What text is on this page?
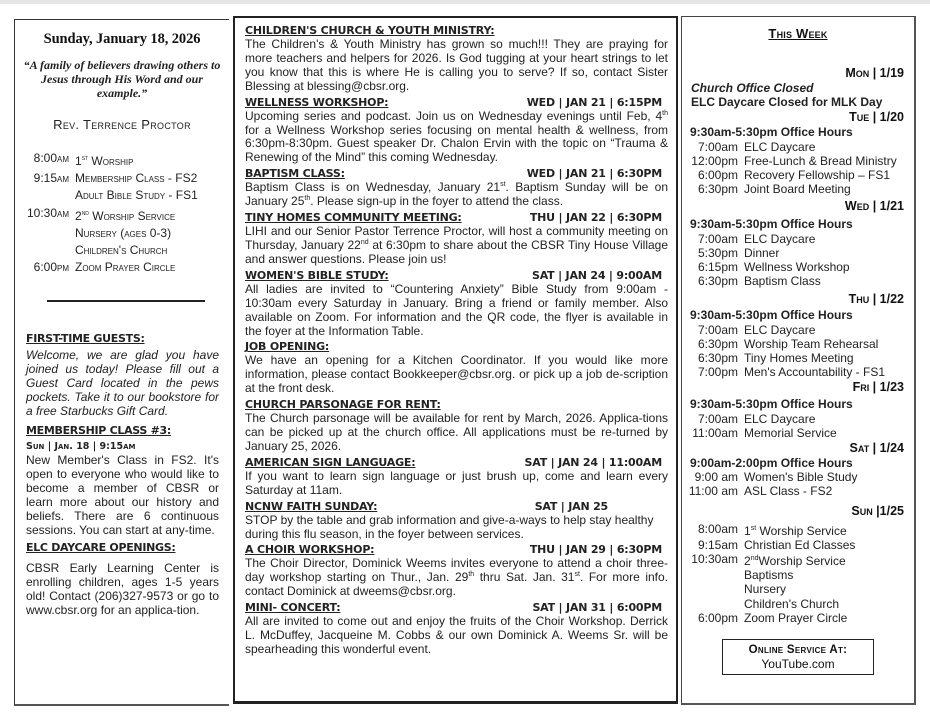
Sunday, January 18, 2026
“A family of believers drawing others to Jesus through His Word and our example.”
Rev. Terrence Proctor
8:00am 1st Worship
9:15am Membership Class - FS2
Adult Bible Study - FS1
10:30am 2nd Worship Service
Nursery (ages 0-3)
Children's Church
6:00pm Zoom Prayer Circle
FIRST-TIME GUESTS:
Welcome, we are glad you have joined us today! Please fill out a Guest Card located in the pews pockets. Take it to our bookstore for a free Starbucks Gift Card.
MEMBERSHIP CLASS #3:
Sun | Jan. 18 | 9:15am
New Member's Class in FS2. It's open to everyone who would like to become a member of CBSR or learn more about our history and beliefs. There are 6 continuous sessions. You can start at any-time.
ELC DAYCARE OPENINGS:
CBSR Early Learning Center is enrolling children, ages 1-5 years old! Contact (206)327-9573 or go to www.cbsr.org for an applica-tion.
CHILDREN'S CHURCH & YOUTH MINISTRY:
The Children's & Youth Ministry has grown so much!!! They are praying for more teachers and helpers for 2026. Is God tugging at your heart strings to let you know that this is where He is calling you to serve? If so, contact Sister Blessing at blessing@cbsr.org.
WELLNESS WORKSHOP:	WED | JAN 21 | 6:15PM
Upcoming series and podcast. Join us on Wednesday evenings until Feb, 4th for a Wellness Workshop series focusing on mental health & wellness, from 6:30pm-8:30pm. Guest speaker Dr. Chalon Ervin with the topic on “Trauma & Renewing of the Mind” this coming Wednesday.
BAPTISM CLASS:	WED | JAN 21 | 6:30PM
Baptism Class is on Wednesday, January 21st. Baptism Sunday will be on January 25th. Please sign-up in the foyer to attend the class.
TINY HOMES COMMUNITY MEETING:	THU | JAN 22 | 6:30PM
LIHI and our Senior Pastor Terrence Proctor, will host a community meeting on Thursday, January 22nd at 6:30pm to share about the CBSR Tiny House Village and answer questions. Please join us!
WOMEN'S BIBLE STUDY:	SAT | JAN 24 | 9:00AM
All ladies are invited to “Countering Anxiety” Bible Study from 9:00am - 10:30am every Saturday in January. Bring a friend or family member. Also available on Zoom. For information and the QR code, the flyer is available in the foyer at the Information Table.
JOB OPENING:
We have an opening for a Kitchen Coordinator. If you would like more information, please contact Bookkeeper@cbsr.org. or pick up a job de-scription at the front desk.
CHURCH PARSONAGE FOR RENT:
The Church parsonage will be available for rent by March, 2026. Applica-tions can be picked up at the church office. All applications must be re-turned by January 25, 2026.
AMERICAN SIGN LANGUAGE:	SAT | JAN 24 | 11:00AM
If you want to learn sign language or just brush up, come and learn every Saturday at 11am.
NCNW FAITH SUNDAY:	SAT | JAN 25
STOP by the table and grab information and give-a-ways to help stay healthy during this flu season, in the foyer between services.
A CHOIR WORKSHOP:	THU | JAN 29 | 6:30PM
The Choir Director, Dominick Weems invites everyone to attend a choir three-day workshop starting on Thur., Jan. 29th thru Sat. Jan. 31st. For more info. contact Dominick at dweems@cbsr.org.
MINI- CONCERT:	SAT | JAN 31 | 6:00PM
All are invited to come out and enjoy the fruits of the Choir Workshop. Derrick L. McDuffey, Jacqueine M. Cobbs & our own Dominick A. Weems Sr. will be spearheading this wonderful event.
This Week
Mon | 1/19
Church Office Closed
ELC Daycare Closed for MLK Day
Tue | 1/20
9:30am-5:30pm Office Hours
7:00am ELC Daycare
12:00pm Free-Lunch & Bread Ministry
6:00pm Recovery Fellowship – FS1
6:30pm Joint Board Meeting
Wed | 1/21
9:30am-5:30pm Office Hours
7:00am ELC Daycare
5:30pm Dinner
6:15pm Wellness Workshop
6:30pm Baptism Class
Thu | 1/22
9:30am-5:30pm Office Hours
7:00am ELC Daycare
6:30pm Worship Team Rehearsal
6:30pm Tiny Homes Meeting
7:00pm Men's Accountability - FS1
Fri | 1/23
9:30am-5:30pm Office Hours
7:00am ELC Daycare
11:00am Memorial Service
Sat | 1/24
9:00am-2:00pm Office Hours
9:00 am Women's Bible Study
11:00 am ASL Class - FS2
Sun |1/25
8:00am 1st Worship Service
9:15am Christian Ed Classes
10:30am 2ndWorship Service
Baptisms
Nursery
Children's Church
6:00pm Zoom Prayer Circle
Online Service At:
YouTube.com
